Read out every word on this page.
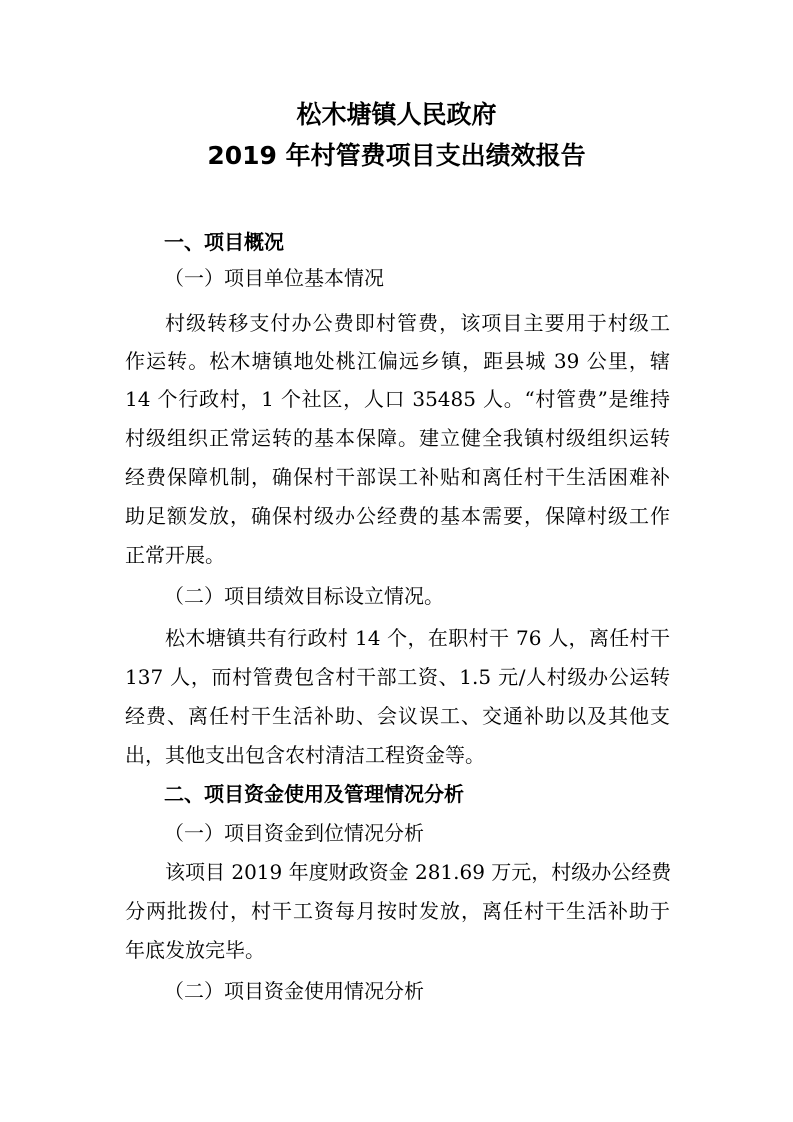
松木塘镇人民政府
2019 年村管费项目支出绩效报告
一、项目概况
（一）项目单位基本情况
村级转移支付办公费即村管费，该项目主要用于村级工
作运转。松木塘镇地处桃江偏远乡镇，距县城 39 公里，辖
14 个行政村，1 个社区，人口 35485 人。“村管费”是维持
村级组织正常运转的基本保障。建立健全我镇村级组织运转
经费保障机制，确保村干部误工补贴和离任村干生活困难补
助足额发放，确保村级办公经费的基本需要，保障村级工作
正常开展。
（二）项目绩效目标设立情况。
松木塘镇共有行政村 14 个，在职村干 76 人，离任村干
137 人，而村管费包含村干部工资、1.5 元/人村级办公运转
经费、离任村干生活补助、会议误工、交通补助以及其他支
出，其他支出包含农村清洁工程资金等。
二、项目资金使用及管理情况分析
（一）项目资金到位情况分析
该项目 2019 年度财政资金 281.69 万元，村级办公经费
分两批拨付，村干工资每月按时发放，离任村干生活补助于
年底发放完毕。
（二）项目资金使用情况分析
